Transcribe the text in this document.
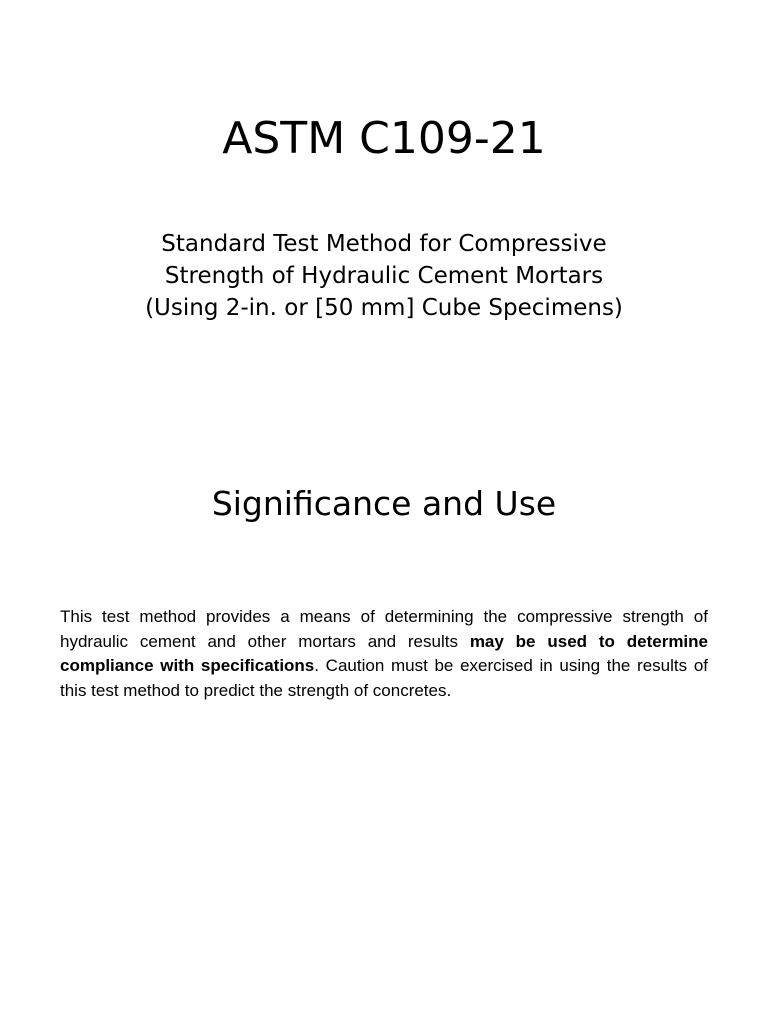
ASTM C109-21
Standard Test Method for Compressive
Strength of Hydraulic Cement Mortars
(Using 2-in. or [50 mm] Cube Specimens)
Significance and Use

This test method provides a means of determining the compressive strength of hydraulic cement and other mortars and results may be used to determine compliance with specifications. Caution must be exercised in using the results of this test method to predict the strength of concretes.
